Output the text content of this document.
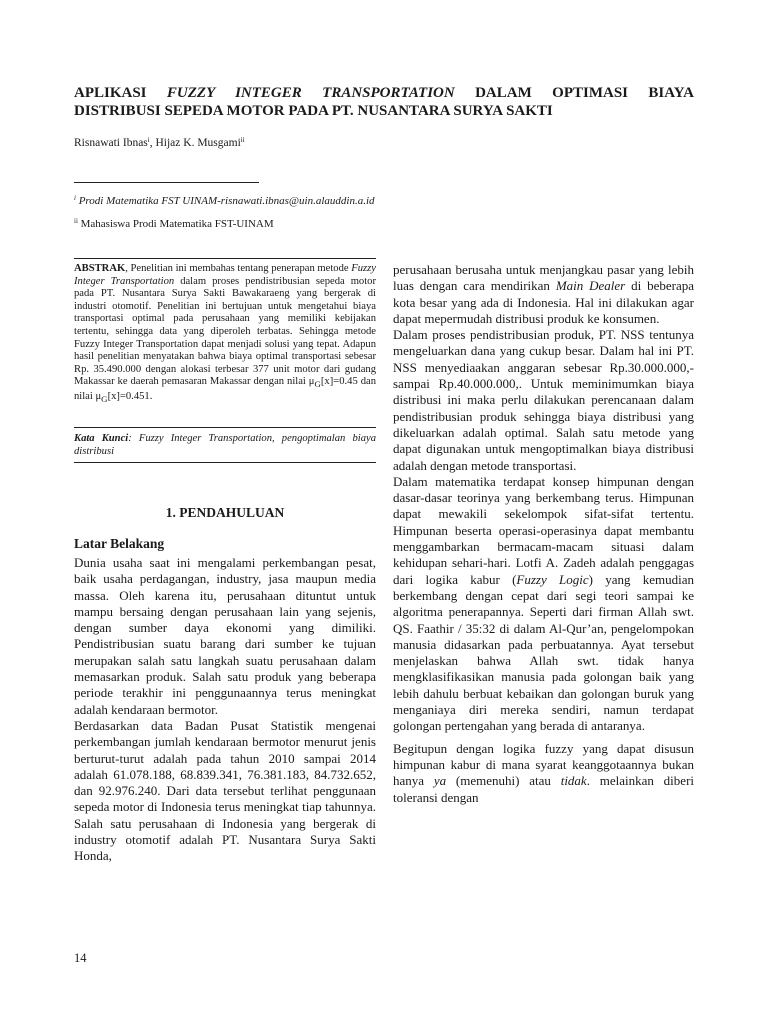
APLIKASI FUZZY INTEGER TRANSPORTATION DALAM OPTIMASI BIAYA
DISTRIBUSI SEPEDA MOTOR PADA PT. NUSANTARA SURYA SAKTI
Risnawati Ibnas$^i$, Hijaz K. Musgami$^{ii}$
$^i$ Prodi Matematika FST UINAM-risnawati.ibnas@uin.alauddin.a.id
$^{ii}$ Mahasiswa Prodi Matematika FST-UINAM

ABSTRAK, Penelitian ini membahas tentang penerapan metode Fuzzy Integer Transportation dalam proses pendistribusian sepeda motor pada PT. Nusantara Surya Sakti Bawakaraeng yang bergerak di industri otomotif. Penelitian ini bertujuan untuk mengetahui biaya transportasi optimal pada perusahaan yang memiliki kebijakan tertentu, sehingga data yang diperoleh terbatas. Sehingga metode Fuzzy Integer Transportation dapat menjadi solusi yang tepat. Adapun hasil penelitian menyatakan bahwa biaya optimal transportasi sebesar Rp. 35.490.000 dengan alokasi terbesar 377 unit motor dari gudang Makassar ke daerah pemasaran Makassar dengan nilai $\mu_G[x]=0.45$ dan nilai $\mu_G[x]=0.451$.

Kata Kunci: Fuzzy Integer Transportation, pengoptimalan biaya distribusi

1. PENDAHULUAN
Latar Belakang

Dunia usaha saat ini mengalami perkembangan pesat, baik usaha perdagangan, industry, jasa maupun media massa. Oleh karena itu, perusahaan dituntut untuk mampu bersaing dengan perusahaan lain yang sejenis, dengan sumber daya ekonomi yang dimiliki. Pendistribusian suatu barang dari sumber ke tujuan merupakan salah satu langkah suatu perusahaan dalam memasarkan produk. Salah satu produk yang beberapa periode terakhir ini penggunaannya terus meningkat adalah kendaraan bermotor.

Berdasarkan data Badan Pusat Statistik mengenai perkembangan jumlah kendaraan bermotor menurut jenis berturut-turut adalah pada tahun 2010 sampai 2014 adalah 61.078.188, 68.839.341, 76.381.183, 84.732.652, dan 92.976.240. Dari data tersebut terlihat penggunaan sepeda motor di Indonesia terus meningkat tiap tahunnya. Salah satu perusahaan di Indonesia yang bergerak di industry otomotif adalah PT. Nusantara Surya Sakti Honda,

perusahaan berusaha untuk menjangkau pasar yang lebih luas dengan cara mendirikan Main Dealer di beberapa kota besar yang ada di Indonesia. Hal ini dilakukan agar dapat mepermudah distribusi produk ke konsumen.

Dalam proses pendistribusian produk, PT. NSS tentunya mengeluarkan dana yang cukup besar. Dalam hal ini PT. NSS menyediaakan anggaran sebesar Rp.30.000.000,- sampai Rp.40.000.000,. Untuk meminimumkan biaya distribusi ini maka perlu dilakukan perencanaan dalam pendistribusian produk sehingga biaya distribusi yang dikeluarkan adalah optimal. Salah satu metode yang dapat digunakan untuk mengoptimalkan biaya distribusi adalah dengan metode transportasi.

Dalam matematika terdapat konsep himpunan dengan dasar-dasar teorinya yang berkembang terus. Himpunan dapat mewakili sekelompok sifat-sifat tertentu. Himpunan beserta operasi-operasinya dapat membantu menggambarkan bermacam-macam situasi dalam kehidupan sehari-hari. Lotfi A. Zadeh adalah penggagas dari logika kabur (Fuzzy Logic) yang kemudian berkembang dengan cepat dari segi teori sampai ke algoritma penerapannya. Seperti dari firman Allah swt. QS. Faathir / 35:32 di dalam Al-Qur’an, pengelompokan manusia didasarkan pada perbuatannya. Ayat tersebut menjelaskan bahwa Allah swt. tidak hanya mengklasifikasikan manusia pada golongan baik yang lebih dahulu berbuat kebaikan dan golongan buruk yang menganiaya diri mereka sendiri, namun terdapat golongan pertengahan yang berada di antaranya.

Begitupun dengan logika fuzzy yang dapat disusun himpunan kabur di mana syarat keanggotaannya bukan hanya ya (memenuhi) atau tidak. melainkan diberi toleransi dengan

14
